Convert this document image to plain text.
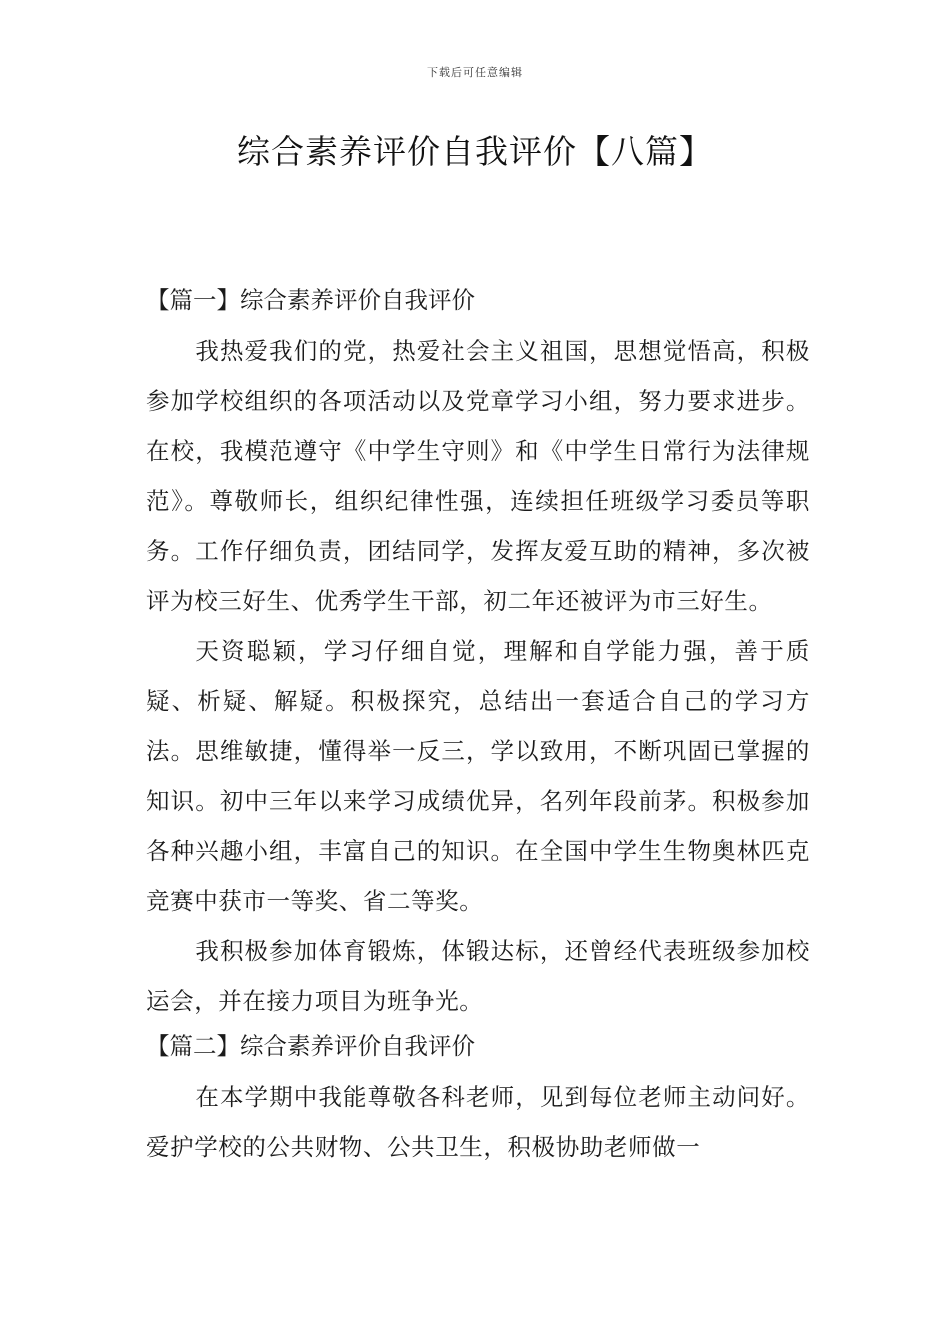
下载后可任意编辑
综合素养评价自我评价【八篇】
【篇一】综合素养评价自我评价

我热爱我们的党，热爱社会主义祖国，思想觉悟高，积极参加学校组织的各项活动以及党章学习小组，努力要求进步。在校，我模范遵守《中学生守则》和《中学生日常行为法律规范》。尊敬师长，组织纪律性强，连续担任班级学习委员等职务。工作仔细负责，团结同学，发挥友爱互助的精神，多次被评为校三好生、优秀学生干部，初二年还被评为市三好生。

天资聪颖，学习仔细自觉，理解和自学能力强，善于质疑、析疑、解疑。积极探究，总结出一套适合自己的学习方法。思维敏捷，懂得举一反三，学以致用，不断巩固已掌握的知识。初中三年以来学习成绩优异，名列年段前茅。积极参加各种兴趣小组，丰富自己的知识。在全国中学生生物奥林匹克竞赛中获市一等奖、省二等奖。

我积极参加体育锻炼，体锻达标，还曾经代表班级参加校运会，并在接力项目为班争光。

【篇二】综合素养评价自我评价

在本学期中我能尊敬各科老师，见到每位老师主动问好。爱护学校的公共财物、公共卫生，积极协助老师做一
